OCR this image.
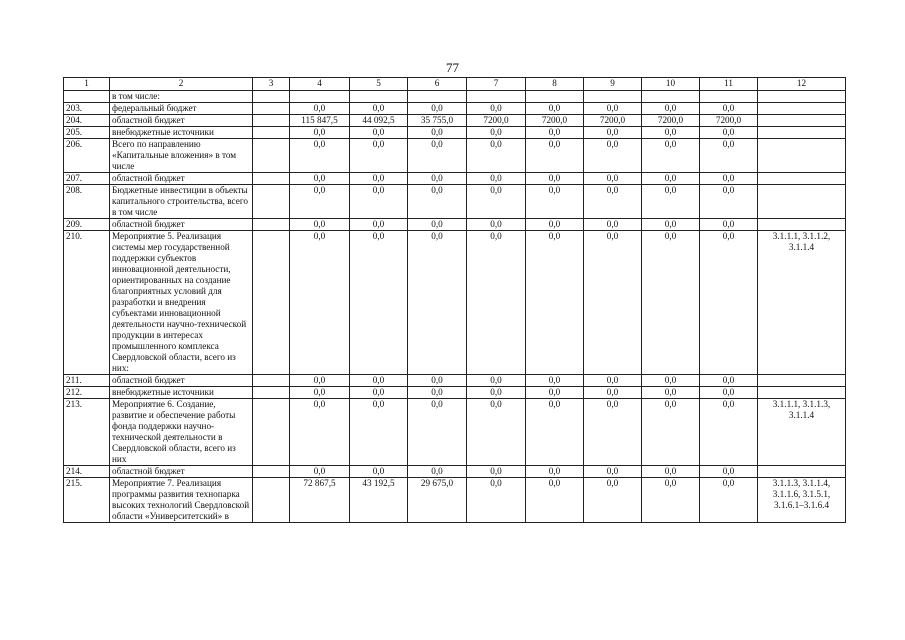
77
1	2	3	4	5	6	7	8	9	10	11	12
	в том числе:										
203.	федеральный бюджет		0,0	0,0	0,0	0,0	0,0	0,0	0,0	0,0	
204.	областной бюджет		115 847,5	44 092,5	35 755,0	7200,0	7200,0	7200,0	7200,0	7200,0	
205.	внебюджетные источники		0,0	0,0	0,0	0,0	0,0	0,0	0,0	0,0	
206.	Всего по направлению «Капитальные вложения» в том числе		0,0	0,0	0,0	0,0	0,0	0,0	0,0	0,0	
207.	областной бюджет		0,0	0,0	0,0	0,0	0,0	0,0	0,0	0,0	
208.	Бюджетные инвестиции в объекты капитального строительства, всего в том числе		0,0	0,0	0,0	0,0	0,0	0,0	0,0	0,0	
209.	областной бюджет		0,0	0,0	0,0	0,0	0,0	0,0	0,0	0,0	
210.	Мероприятие 5. Реализация системы мер государственной поддержки субъектов инновационной деятельности, ориентированных на создание благоприятных условий для разработки и внедрения субъектами инновационной деятельности научно-технической продукции в интересах промышленного комплекса Свердловской области, всего из них:		0,0	0,0	0,0	0,0	0,0	0,0	0,0	0,0	3.1.1.1, 3.1.1.2, 3.1.1.4
211.	областной бюджет		0,0	0,0	0,0	0,0	0,0	0,0	0,0	0,0	
212.	внебюджетные источники		0,0	0,0	0,0	0,0	0,0	0,0	0,0	0,0	
213.	Мероприятие 6. Создание, развитие и обеспечение работы фонда поддержки научно-технической деятельности в Свердловской области, всего из них		0,0	0,0	0,0	0,0	0,0	0,0	0,0	0,0	3.1.1.1, 3.1.1.3, 3.1.1.4
214.	областной бюджет		0,0	0,0	0,0	0,0	0,0	0,0	0,0	0,0	
215.	Мероприятие 7. Реализация программы развития технопарка высоких технологий Свердловской области «Университетский» в		72 867,5	43 192,5	29 675,0	0,0	0,0	0,0	0,0	0,0	3.1.1.3, 3.1.1.4, 3.1.1.6, 3.1.5.1, 3.1.6.1–3.1.6.4
